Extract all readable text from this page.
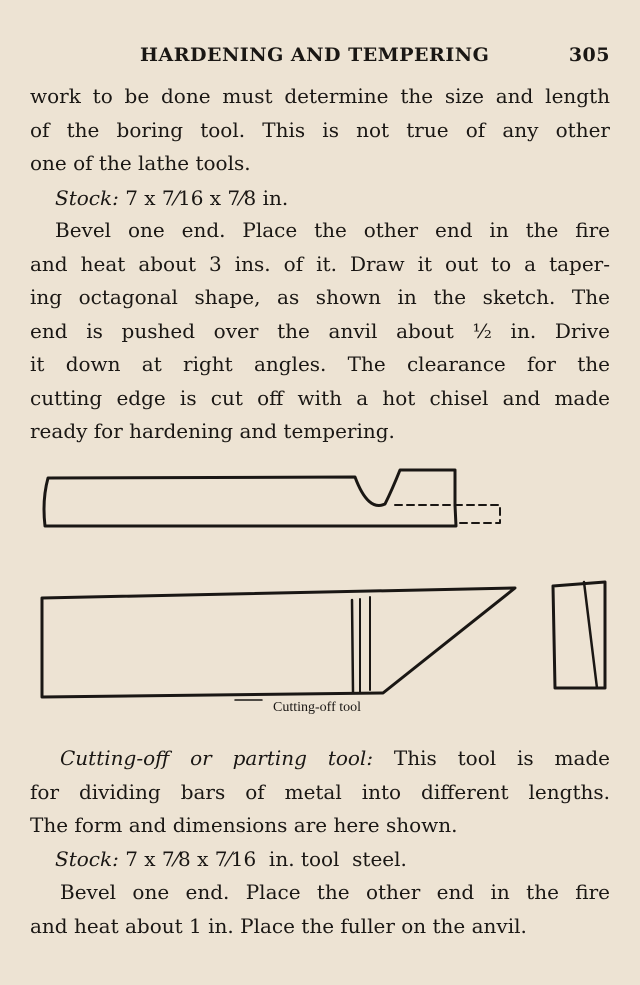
HARDENING AND TEMPERING	305
work to be done must determine the size and length
of the boring tool. This is not true of any other
one of the lathe tools.
Stock: 7 x 7⁄16 x 7⁄8 in.
Bevel one end. Place the other end in the fire
and heat about 3 ins. of it. Draw it out to a taper-
ing octagonal shape, as shown in the sketch. The
end is pushed over the anvil about ½ in. Drive
it down at right angles. The clearance for the
cutting edge is cut off with a hot chisel and made
ready for hardening and tempering.
Cutting-off tool
Cutting-off or parting tool: This tool is made
for dividing bars of metal into different lengths.
The form and dimensions are here shown.
Stock: 7 x 7⁄8 x 7⁄16  in. tool  steel.
Bevel one end. Place the other end in the fire
and heat about 1 in. Place the fuller on the anvil.
